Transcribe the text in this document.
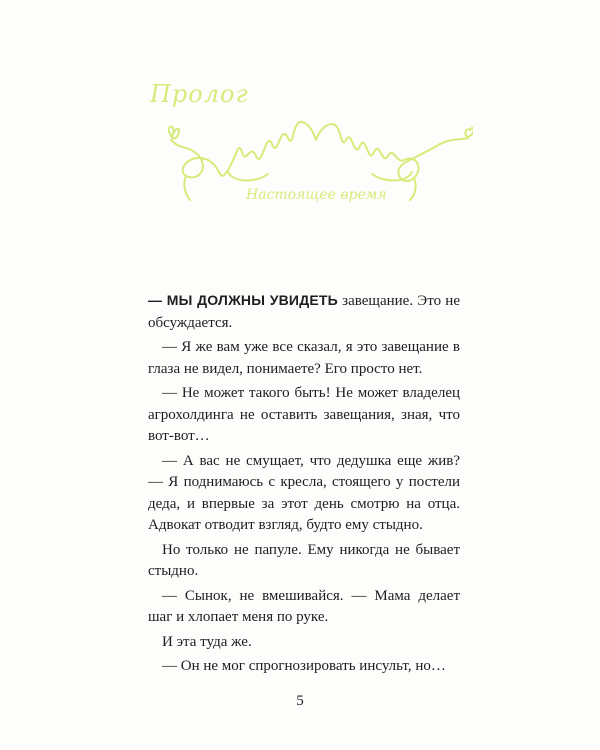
Пролог
Настоящее время

— МЫ ДОЛЖНЫ УВИДЕТЬ завещание. Это не обсуждается.

— Я же вам уже все сказал, я это завещание в глаза не видел, понимаете? Его просто нет.

— Не может такого быть! Не может владелец агрохолдинга не оставить завещания, зная, что вот-вот…

— А вас не смущает, что дедушка еще жив? — Я поднимаюсь с кресла, стоящего у постели деда, и впервые за этот день смотрю на отца. Адвокат отводит взгляд, будто ему стыдно.

Но только не папуле. Ему никогда не бывает стыдно.

— Сынок, не вмешивайся. — Мама делает шаг и хлопает меня по руке.

И эта туда же.

— Он не мог спрогнозировать инсульт, но…

5
